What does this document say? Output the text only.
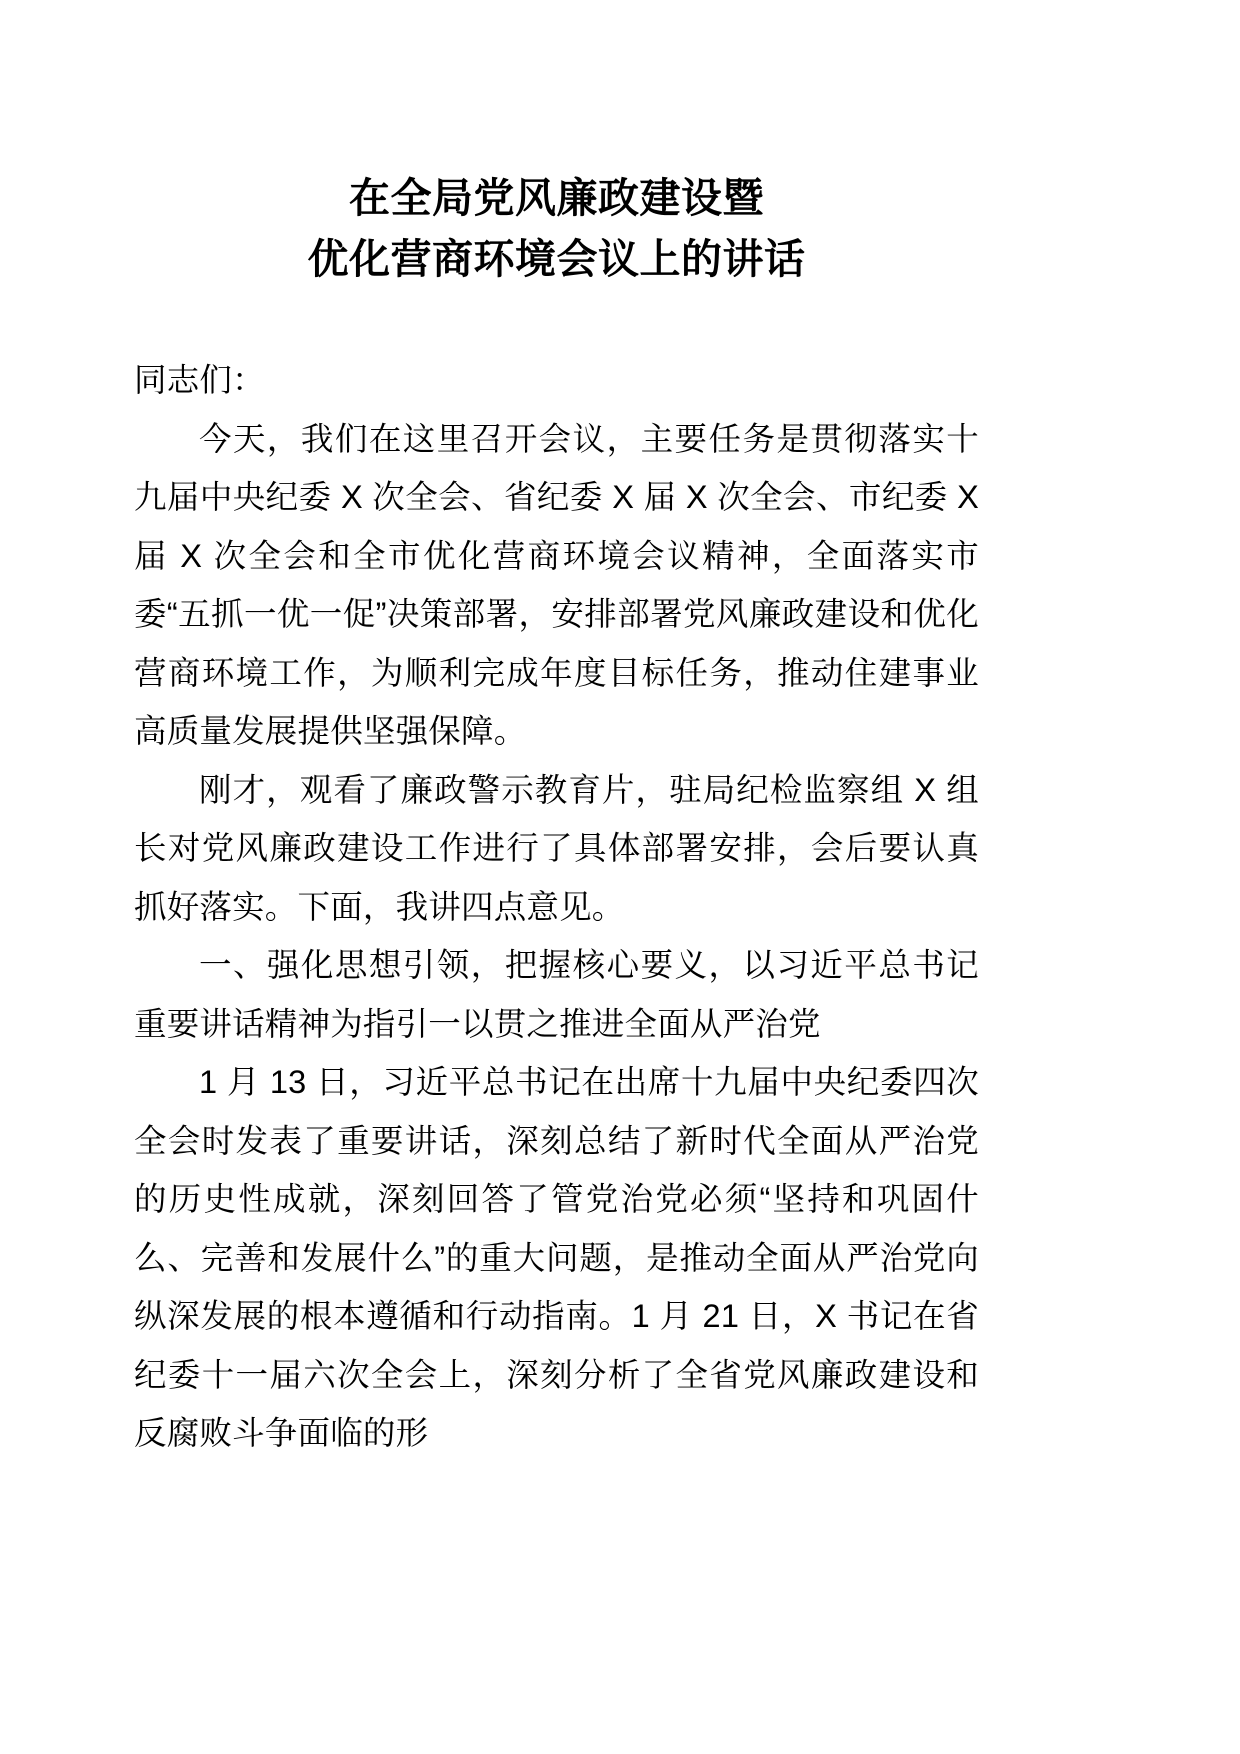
在全局党风廉政建设暨
优化营商环境会议上的讲话

同志们：

今天，我们在这里召开会议，主要任务是贯彻落实十九届中央纪委 X 次全会、省纪委 X 届 X 次全会、市纪委 X 届 X 次全会和全市优化营商环境会议精神，全面落实市委“五抓一优一促”决策部署，安排部署党风廉政建设和优化营商环境工作，为顺利完成年度目标任务，推动住建事业高质量发展提供坚强保障。

刚才，观看了廉政警示教育片，驻局纪检监察组 X 组长对党风廉政建设工作进行了具体部署安排，会后要认真抓好落实。下面，我讲四点意见。

一、强化思想引领，把握核心要义，以习近平总书记重要讲话精神为指引一以贯之推进全面从严治党

1 月 13 日，习近平总书记在出席十九届中央纪委四次全会时发表了重要讲话，深刻总结了新时代全面从严治党的历史性成就，深刻回答了管党治党必须“坚持和巩固什么、完善和发展什么”的重大问题，是推动全面从严治党向纵深发展的根本遵循和行动指南。1 月 21 日，X 书记在省纪委十一届六次全会上，深刻分析了全省党风廉政建设和反腐败斗争面临的形
